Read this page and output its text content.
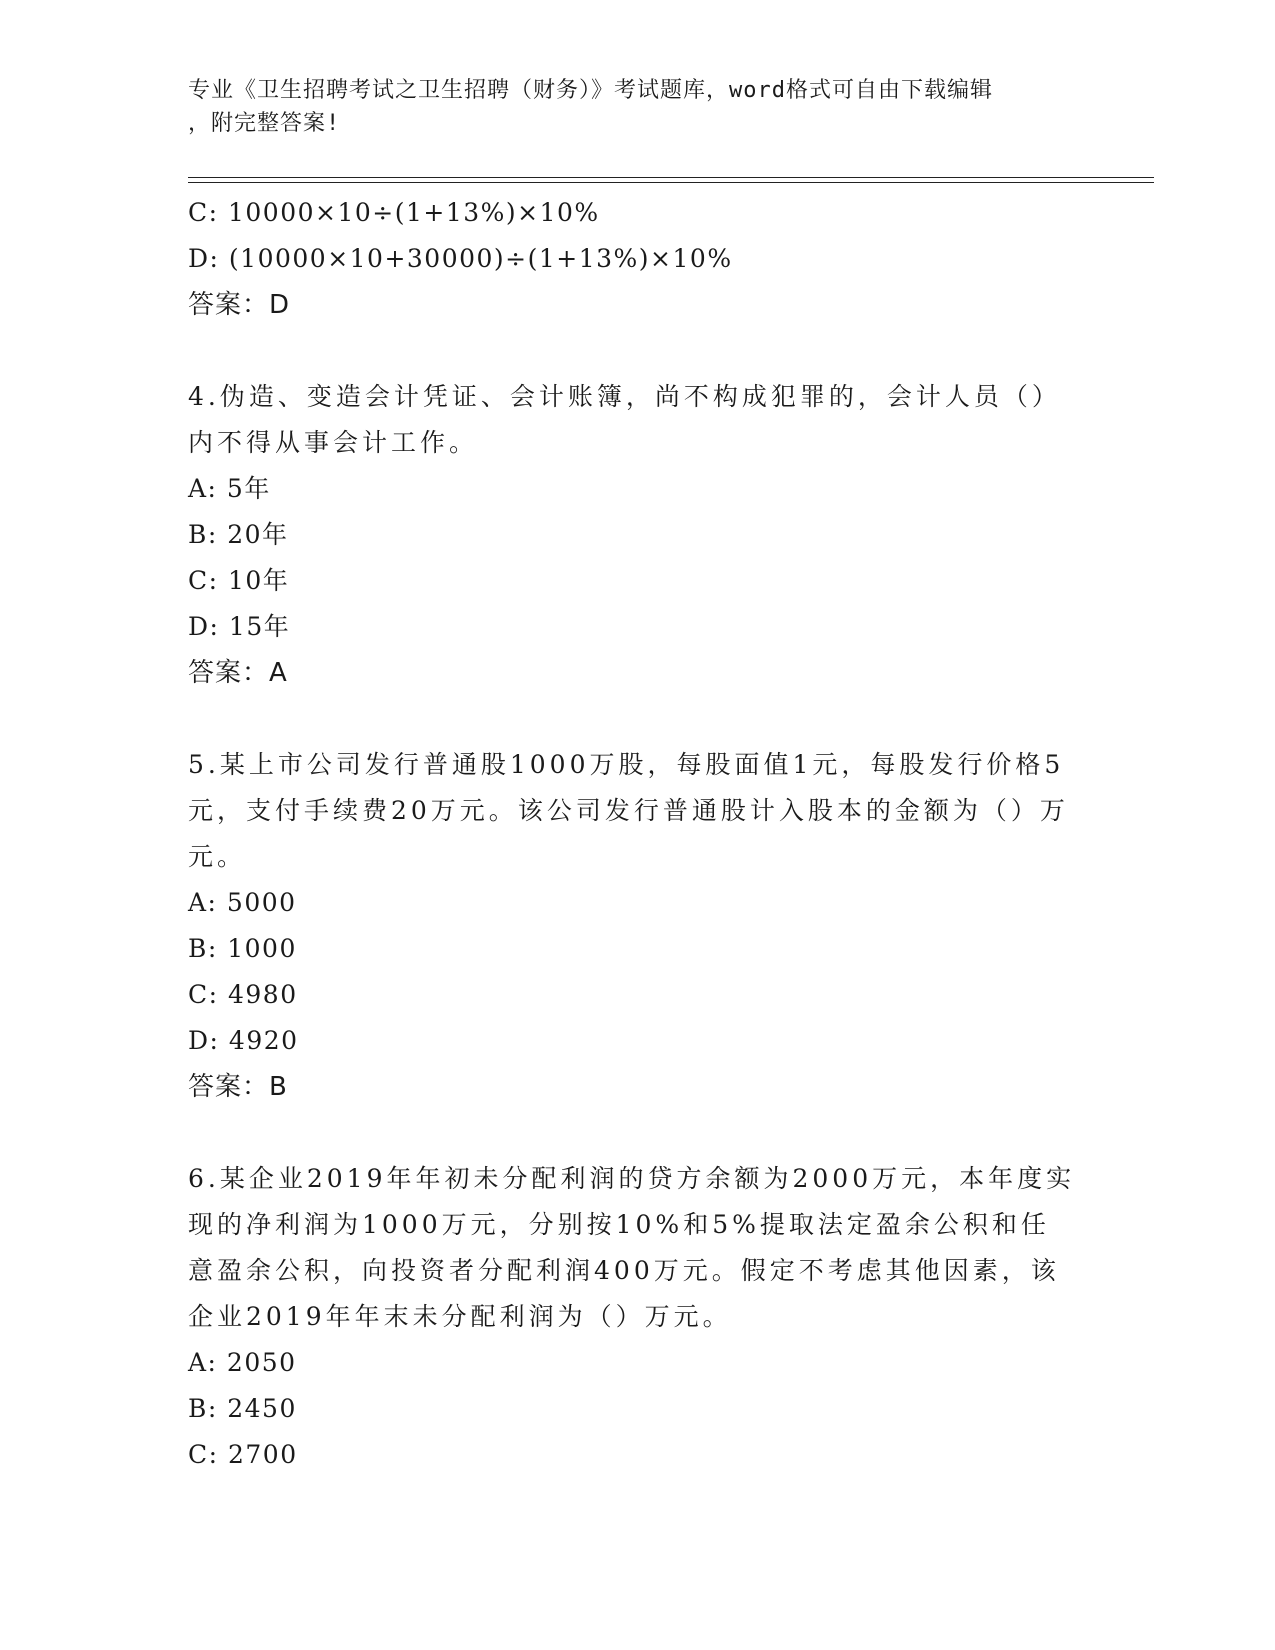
专业《卫生招聘考试之卫生招聘（财务）》考试题库，word格式可自由下载编辑
，附完整答案!
C: 10000×10÷(1+13%)×10%
D: (10000×10+30000)÷(1+13%)×10%
答案：D
4.伪造、变造会计凭证、会计账簿，尚不构成犯罪的，会计人员（）内不得从事会计工作。
A: 5年
B: 20年
C: 10年
D: 15年
答案：A
5.某上市公司发行普通股1000万股，每股面值1元，每股发行价格5元，支付手续费20万元。该公司发行普通股计入股本的金额为（）万元。
A: 5000
B: 1000
C: 4980
D: 4920
答案：B
6.某企业2019年年初未分配利润的贷方余额为2000万元，本年度实现的净利润为1000万元，分别按10%和5%提取法定盈余公积和任意盈余公积，向投资者分配利润400万元。假定不考虑其他因素，该企业2019年年末未分配利润为（）万元。
A: 2050
B: 2450
C: 2700
